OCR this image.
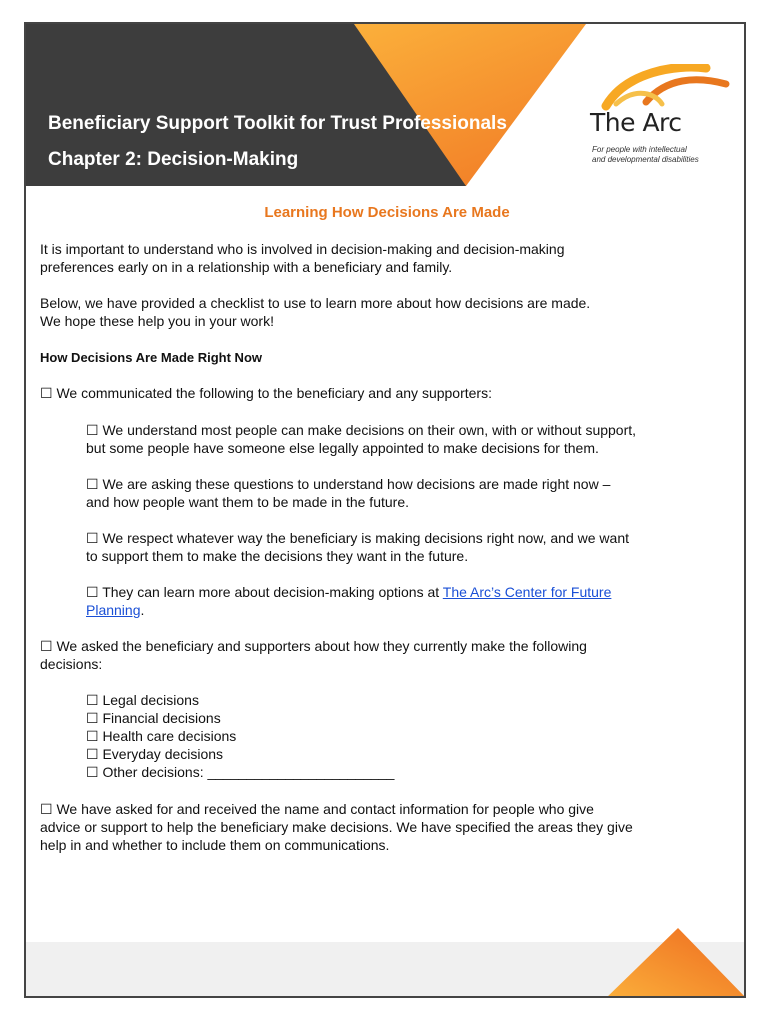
Beneficiary Support Toolkit for Trust Professionals
Chapter 2: Decision-Making
The Arc
For people with intellectual
and developmental disabilities
Learning How Decisions Are Made
It is important to understand who is involved in decision-making and decision-making
preferences early on in a relationship with a beneficiary and family.
Below, we have provided a checklist to use to learn more about how decisions are made.
We hope these help you in your work!
How Decisions Are Made Right Now
☐ We communicated the following to the beneficiary and any supporters:
☐ We understand most people can make decisions on their own, with or without support,
but some people have someone else legally appointed to make decisions for them.
☐ We are asking these questions to understand how decisions are made right now –
and how people want them to be made in the future.
☐ We respect whatever way the beneficiary is making decisions right now, and we want
to support them to make the decisions they want in the future.
☐ They can learn more about decision-making options at The Arc’s Center for Future
Planning.
☐ We asked the beneficiary and supporters about how they currently make the following
decisions:
☐ Legal decisions
☐ Financial decisions
☐ Health care decisions
☐ Everyday decisions
☐ Other decisions: ________________________
☐ We have asked for and received the name and contact information for people who give
advice or support to help the beneficiary make decisions. We have specified the areas they give
help in and whether to include them on communications.
